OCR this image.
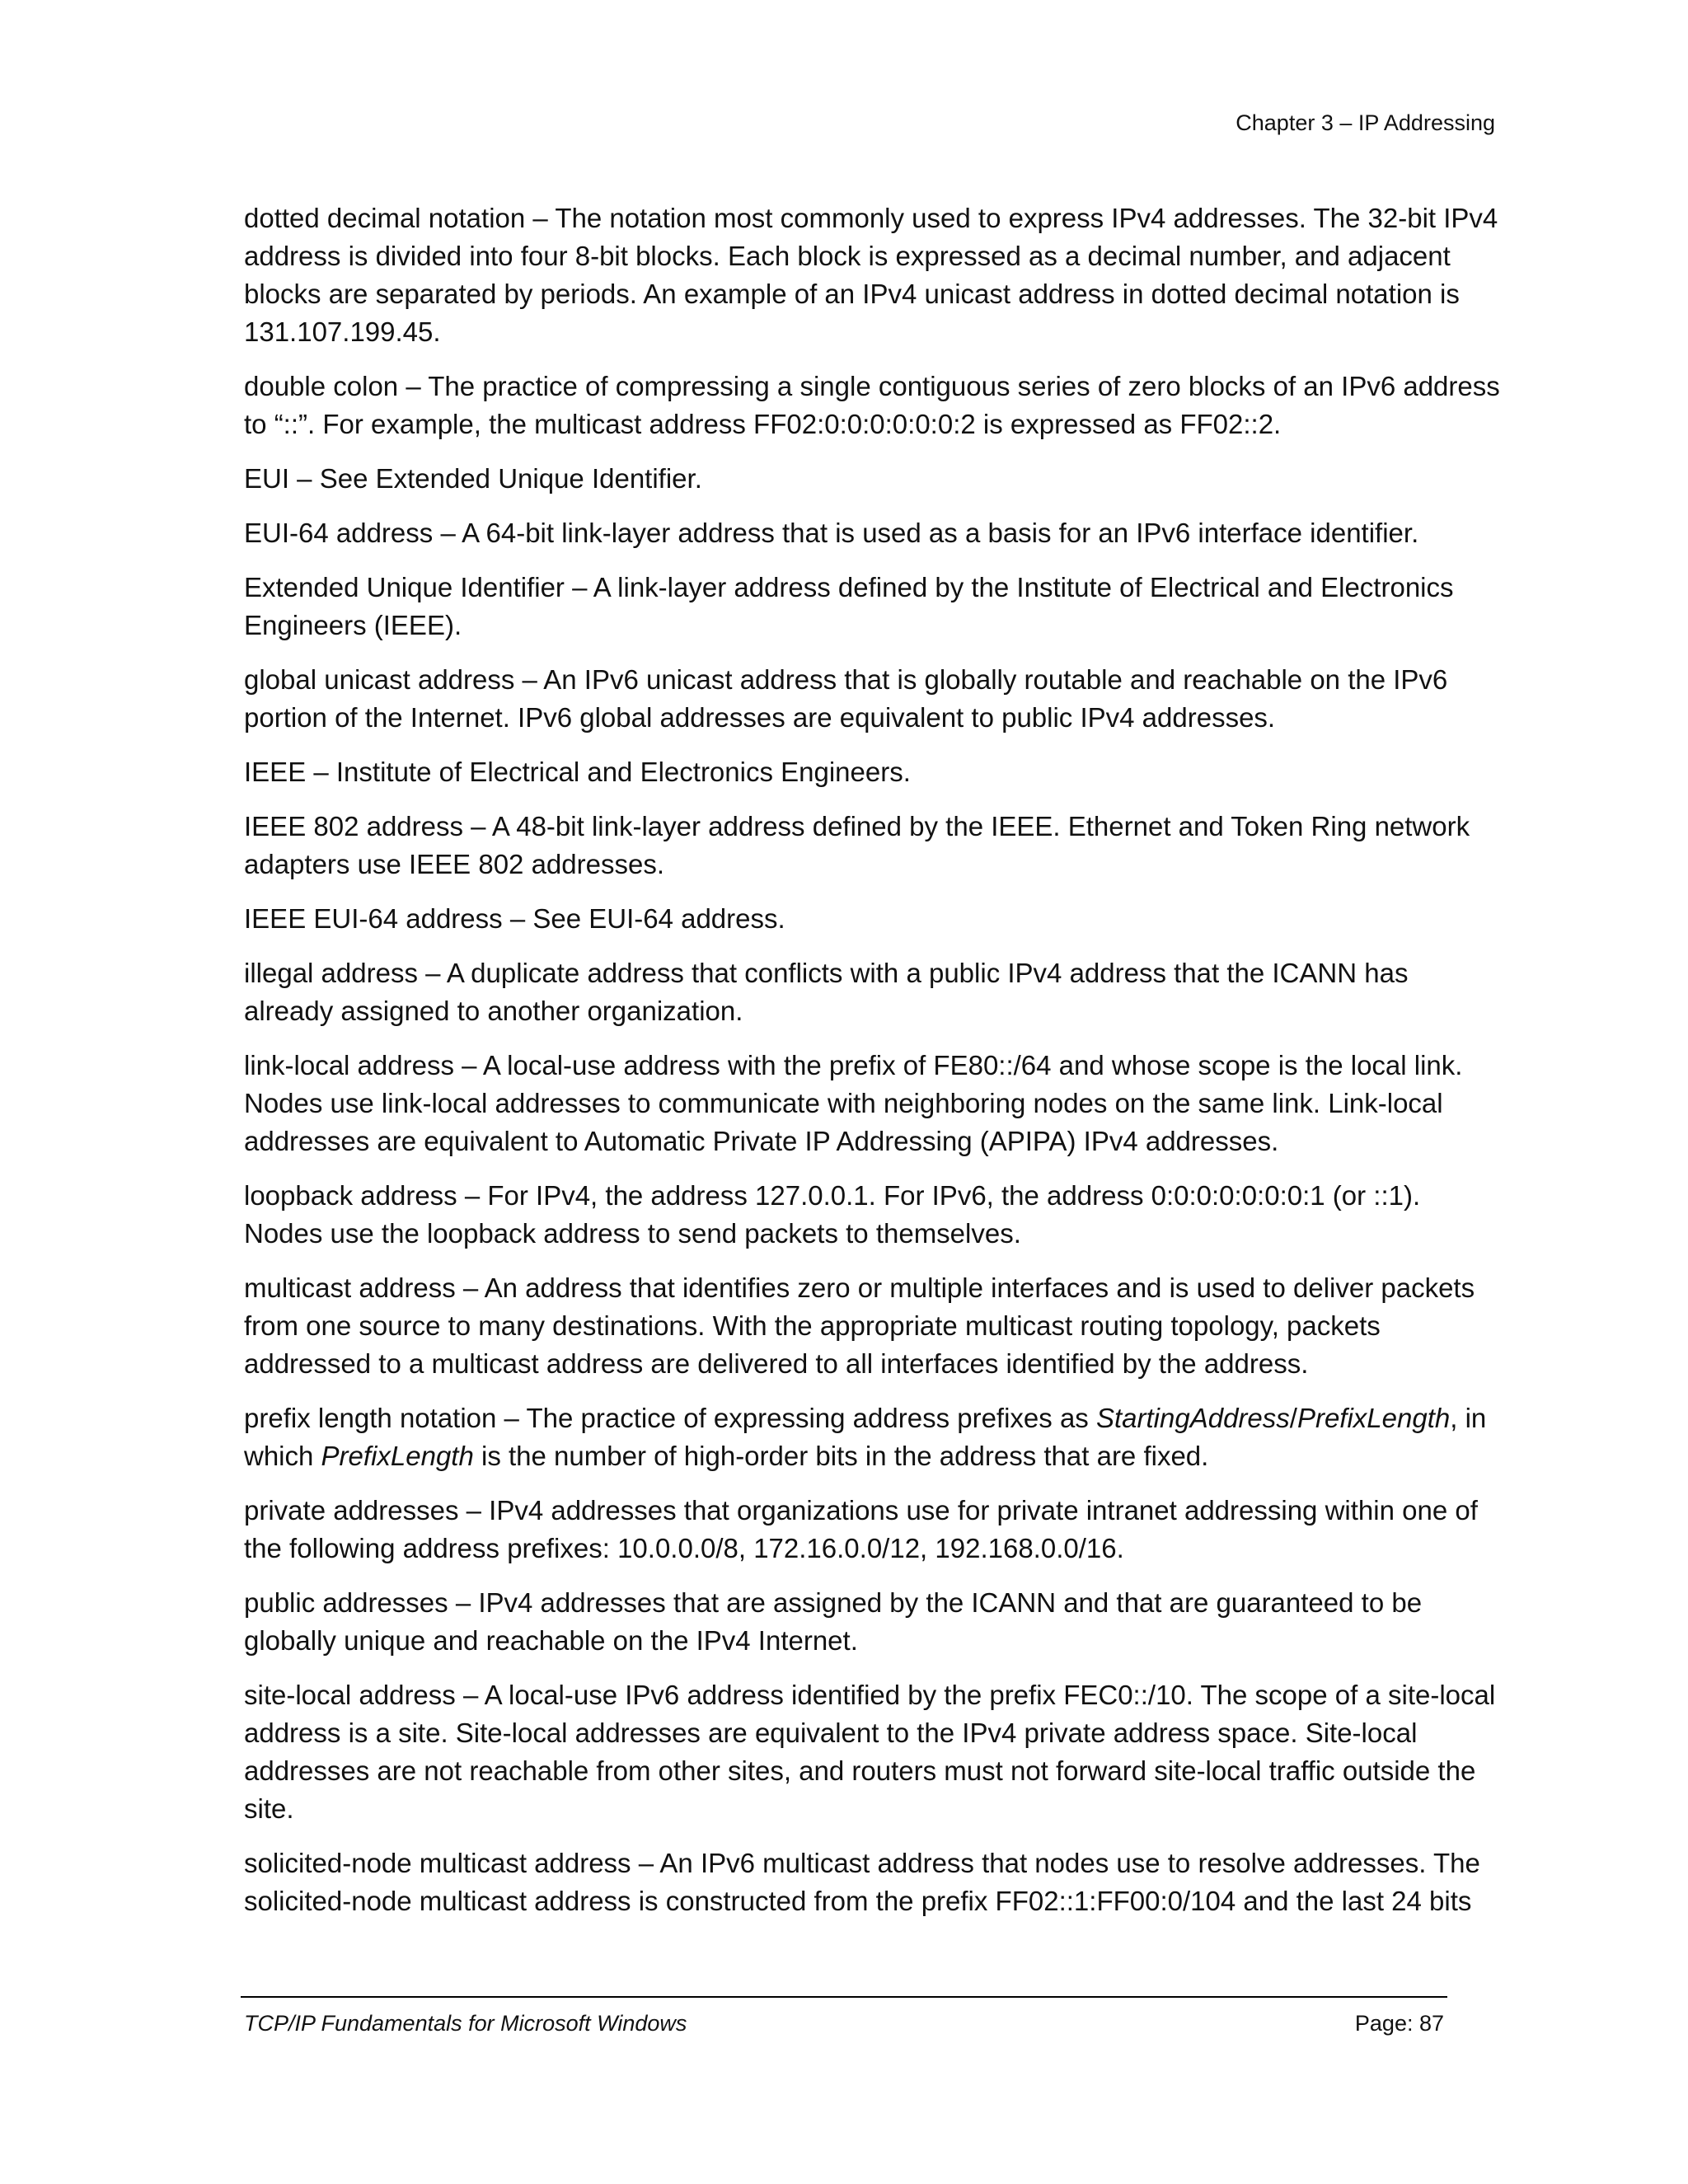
Chapter 3 – IP Addressing

dotted decimal notation – The notation most commonly used to express IPv4 addresses. The 32-bit IPv4 address is divided into four 8-bit blocks. Each block is expressed as a decimal number, and adjacent blocks are separated by periods. An example of an IPv4 unicast address in dotted decimal notation is 131.107.199.45.

double colon – The practice of compressing a single contiguous series of zero blocks of an IPv6 address to “::”. For example, the multicast address FF02:0:0:0:0:0:0:2 is expressed as FF02::2.

EUI – See Extended Unique Identifier.

EUI-64 address – A 64-bit link-layer address that is used as a basis for an IPv6 interface identifier.

Extended Unique Identifier – A link-layer address defined by the Institute of Electrical and Electronics Engineers (IEEE).

global unicast address – An IPv6 unicast address that is globally routable and reachable on the IPv6 portion of the Internet. IPv6 global addresses are equivalent to public IPv4 addresses.

IEEE – Institute of Electrical and Electronics Engineers.

IEEE 802 address – A 48-bit link-layer address defined by the IEEE. Ethernet and Token Ring network adapters use IEEE 802 addresses.

IEEE EUI-64 address – See EUI-64 address.

illegal address – A duplicate address that conflicts with a public IPv4 address that the ICANN has already assigned to another organization.

link-local address – A local-use address with the prefix of FE80::/64 and whose scope is the local link. Nodes use link-local addresses to communicate with neighboring nodes on the same link. Link-local addresses are equivalent to Automatic Private IP Addressing (APIPA) IPv4 addresses.

loopback address – For IPv4, the address 127.0.0.1. For IPv6, the address 0:0:0:0:0:0:0:1 (or ::1). Nodes use the loopback address to send packets to themselves.

multicast address – An address that identifies zero or multiple interfaces and is used to deliver packets from one source to many destinations. With the appropriate multicast routing topology, packets addressed to a multicast address are delivered to all interfaces identified by the address.

prefix length notation – The practice of expressing address prefixes as StartingAddress/PrefixLength, in which PrefixLength is the number of high-order bits in the address that are fixed.

private addresses – IPv4 addresses that organizations use for private intranet addressing within one of the following address prefixes: 10.0.0.0/8, 172.16.0.0/12, 192.168.0.0/16.

public addresses – IPv4 addresses that are assigned by the ICANN and that are guaranteed to be globally unique and reachable on the IPv4 Internet.

site-local address – A local-use IPv6 address identified by the prefix FEC0::/10. The scope of a site-local address is a site. Site-local addresses are equivalent to the IPv4 private address space. Site-local addresses are not reachable from other sites, and routers must not forward site-local traffic outside the site.

solicited-node multicast address – An IPv6 multicast address that nodes use to resolve addresses. The solicited-node multicast address is constructed from the prefix FF02::1:FF00:0/104 and the last 24 bits

TCP/IP Fundamentals for Microsoft Windows	Page: 87
